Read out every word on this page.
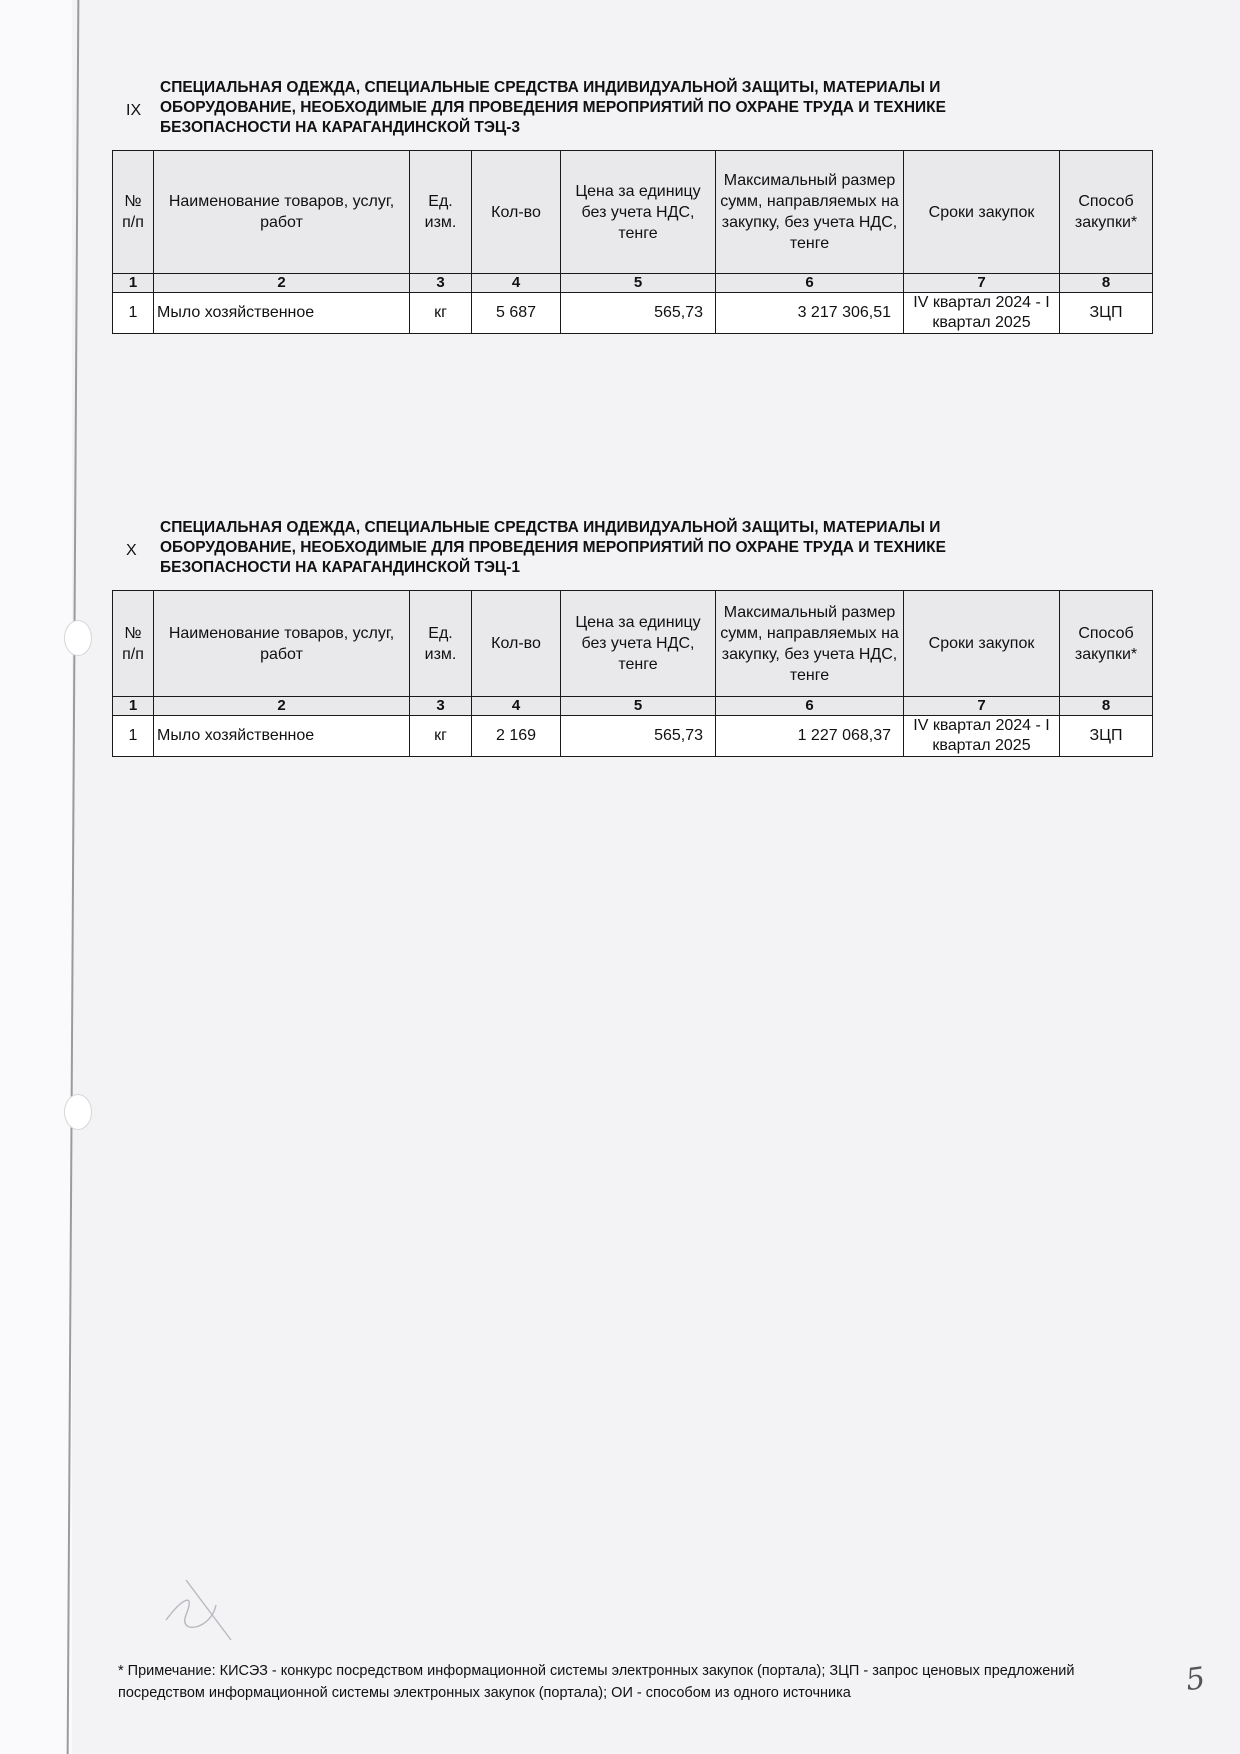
IX
СПЕЦИАЛЬНАЯ ОДЕЖДА, СПЕЦИАЛЬНЫЕ СРЕДСТВА ИНДИВИДУАЛЬНОЙ ЗАЩИТЫ, МАТЕРИАЛЫ И
ОБОРУДОВАНИЕ, НЕОБХОДИМЫЕ ДЛЯ ПРОВЕДЕНИЯ МЕРОПРИЯТИЙ ПО ОХРАНЕ ТРУДА И ТЕХНИКЕ
БЕЗОПАСНОСТИ НА КАРАГАНДИНСКОЙ ТЭЦ-3
№ п/п	Наименование товаров, услуг, работ	Ед. изм.	Кол-во	Цена за единицу без учета НДС, тенге	Максимальный размер сумм, направляемых на закупку, без учета НДС, тенге	Сроки закупок	Способ закупки*
1	2	3	4	5	6	7	8
1	Мыло хозяйственное	кг	5 687	565,73	3 217 306,51	IV квартал 2024 - I квартал 2025	ЗЦП
X
СПЕЦИАЛЬНАЯ ОДЕЖДА, СПЕЦИАЛЬНЫЕ СРЕДСТВА ИНДИВИДУАЛЬНОЙ ЗАЩИТЫ, МАТЕРИАЛЫ И
ОБОРУДОВАНИЕ, НЕОБХОДИМЫЕ ДЛЯ ПРОВЕДЕНИЯ МЕРОПРИЯТИЙ ПО ОХРАНЕ ТРУДА И ТЕХНИКЕ
БЕЗОПАСНОСТИ НА КАРАГАНДИНСКОЙ ТЭЦ-1
№ п/п	Наименование товаров, услуг, работ	Ед. изм.	Кол-во	Цена за единицу без учета НДС, тенге	Максимальный размер сумм, направляемых на закупку, без учета НДС, тенге	Сроки закупок	Способ закупки*
1	2	3	4	5	6	7	8
1	Мыло хозяйственное	кг	2 169	565,73	1 227 068,37	IV квартал 2024 - I квартал 2025	ЗЦП
* Примечание: КИСЭЗ - конкурс посредством информационной системы электронных закупок (портала); ЗЦП - запрос ценовых предложений посредством информационной системы электронных закупок (портала); ОИ - способом из одного источника	5
